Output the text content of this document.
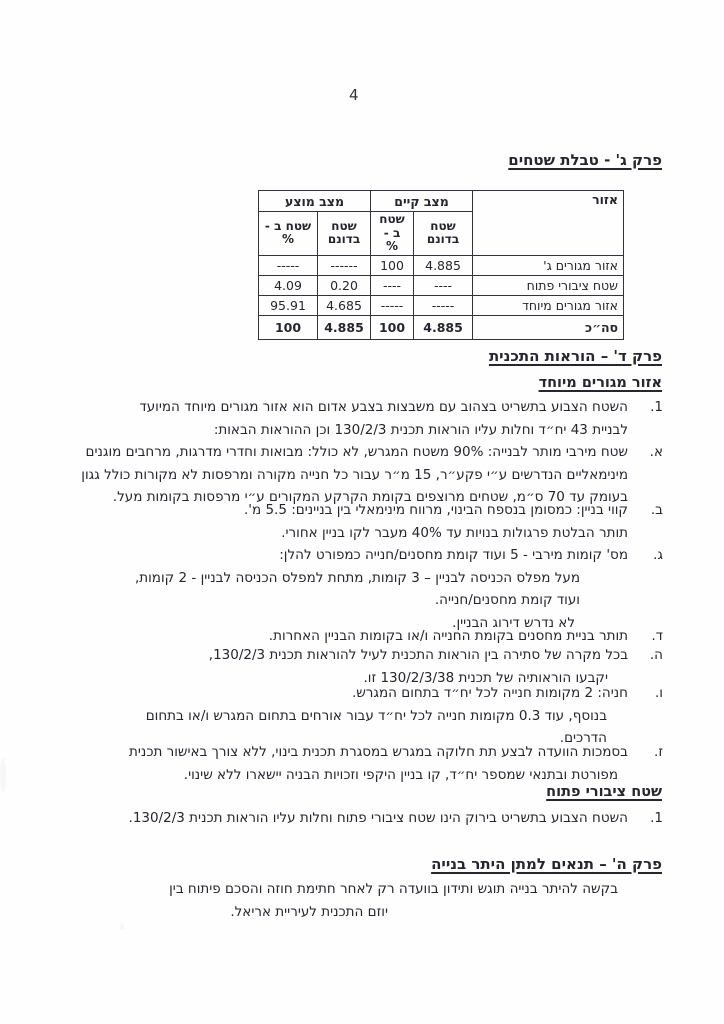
4
פרק ג' - טבלת שטחים
אזור	מצב קיים		מצב מוצע	
	שטח בדונם	שטח ב - %	שטח בדונם	שטח ב - %
אזור מגורים ג'	4.885	100	------	-----
שטח ציבורי פתוח	----	----	0.20	4.09
אזור מגורים מיוחד	-----	-----	4.685	95.91
סה״כ	4.885	100	4.885	100
פרק ד' – הוראות התכנית
אזור מגורים מיוחד
1.השטח הצבוע בתשריט בצהוב עם משבצות בצבע אדום הוא אזור מגורים מיוחד המיועד
לבניית 43 יח״ד וחלות עליו הוראות תכנית 130/2/3 וכן ההוראות הבאות:
א.שטח מירבי מותר לבנייה: 90% משטח המגרש, לא כולל: מבואות וחדרי מדרגות, מרחבים מוגנים
מינימאליים הנדרשים ע״י פקע״ר, 15 מ״ר עבור כל חנייה מקורה ומרפסות לא מקורות כולל גגון
בעומק עד 70 ס״מ, שטחים מרוצפים בקומת הקרקע המקורים ע״י מרפסות בקומות מעל.
ב.קווי בניין: כמסומן בנספח הבינוי, מרווח מינימאלי בין בניינים: 5.5 מ'.
תותר הבלטת פרגולות בנויות עד 40% מעבר לקו בניין אחורי.
ג.מס' קומות מירבי - 5 ועוד קומת מחסנים/חנייה כמפורט להלן:
מעל מפלס הכניסה לבניין – 3 קומות, מתחת למפלס הכניסה לבניין - 2 קומות,
ועוד קומת מחסנים/חנייה.
לא נדרש דירוג הבניין.
ד.תותר בניית מחסנים בקומת החנייה ו/או בקומות הבניין האחרות.
ה.בכל מקרה של סתירה בין הוראות התכנית לעיל להוראות תכנית 130/2/3,
יקבעו הוראותיה של תכנית 130/2/3/38 זו.
ו.חניה: 2 מקומות חנייה לכל יח״ד בתחום המגרש.
בנוסף, עוד 0.3 מקומות חנייה לכל יח״ד עבור אורחים בתחום המגרש ו/או בתחום
הדרכים.
ז.בסמכות הוועדה לבצע תת חלוקה במגרש במסגרת תכנית בינוי, ללא צורך באישור תכנית
מפורטת ובתנאי שמספר יח״ד, קו בניין היקפי וזכויות הבניה יישארו ללא שינוי.
שטח ציבורי פתוח
1.השטח הצבוע בתשריט בירוק הינו שטח ציבורי פתוח וחלות עליו הוראות תכנית 130/2/3.
פרק ה' – תנאים למתן היתר בנייה
בקשה להיתר בנייה תוגש ותידון בוועדה רק לאחר חתימת חוזה והסכם פיתוח בין
יוזם התכנית לעיריית אריאל.
